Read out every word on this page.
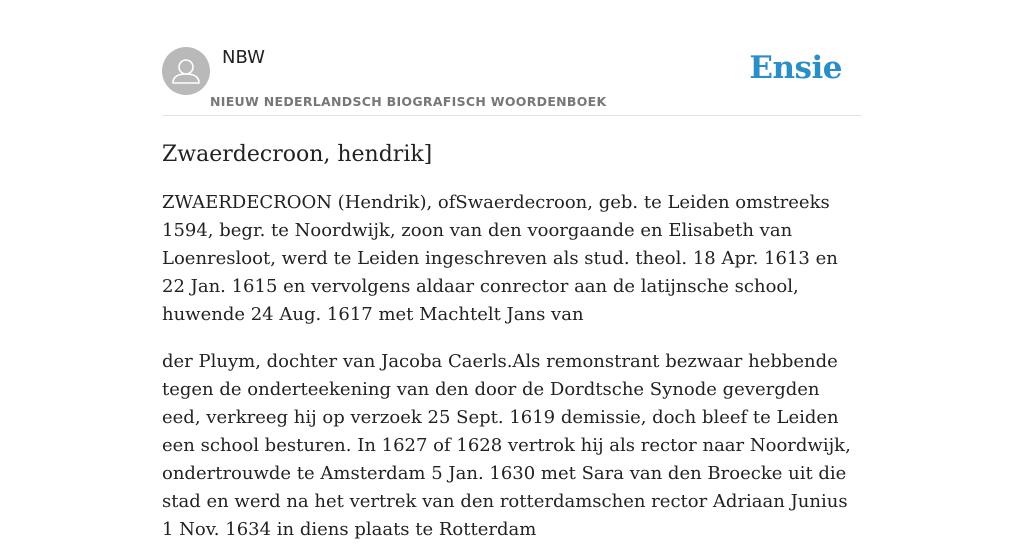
NBW
NIEUW NEDERLANDSCH BIOGRAFISCH WOORDENBOEK
Ensie
Zwaerdecroon, hendrik]

ZWAERDECROON (Hendrik), ofSwaerdecroon, geb. te Leiden omstreeks 1594, begr. te Noordwijk, zoon van den voorgaande en Elisabeth van Loenresloot, werd te Leiden ingeschreven als stud. theol. 18 Apr. 1613 en 22 Jan. 1615 en vervolgens aldaar conrector aan de latijnsche school, huwende 24 Aug. 1617 met Machtelt Jans van

der Pluym, dochter van Jacoba Caerls.Als remonstrant bezwaar hebbende tegen de onderteekening van den door de Dordtsche Synode gevergden eed, verkreeg hij op verzoek 25 Sept. 1619 demissie, doch bleef te Leiden een school besturen. In 1627 of 1628 vertrok hij als rector naar Noordwijk, ondertrouwde te Amsterdam 5 Jan. 1630 met Sara van den Broecke uit die stad en werd na het vertrek van den rotterdamschen rector Adriaan Junius 1 Nov. 1634 in diens plaats te Rotterdam
